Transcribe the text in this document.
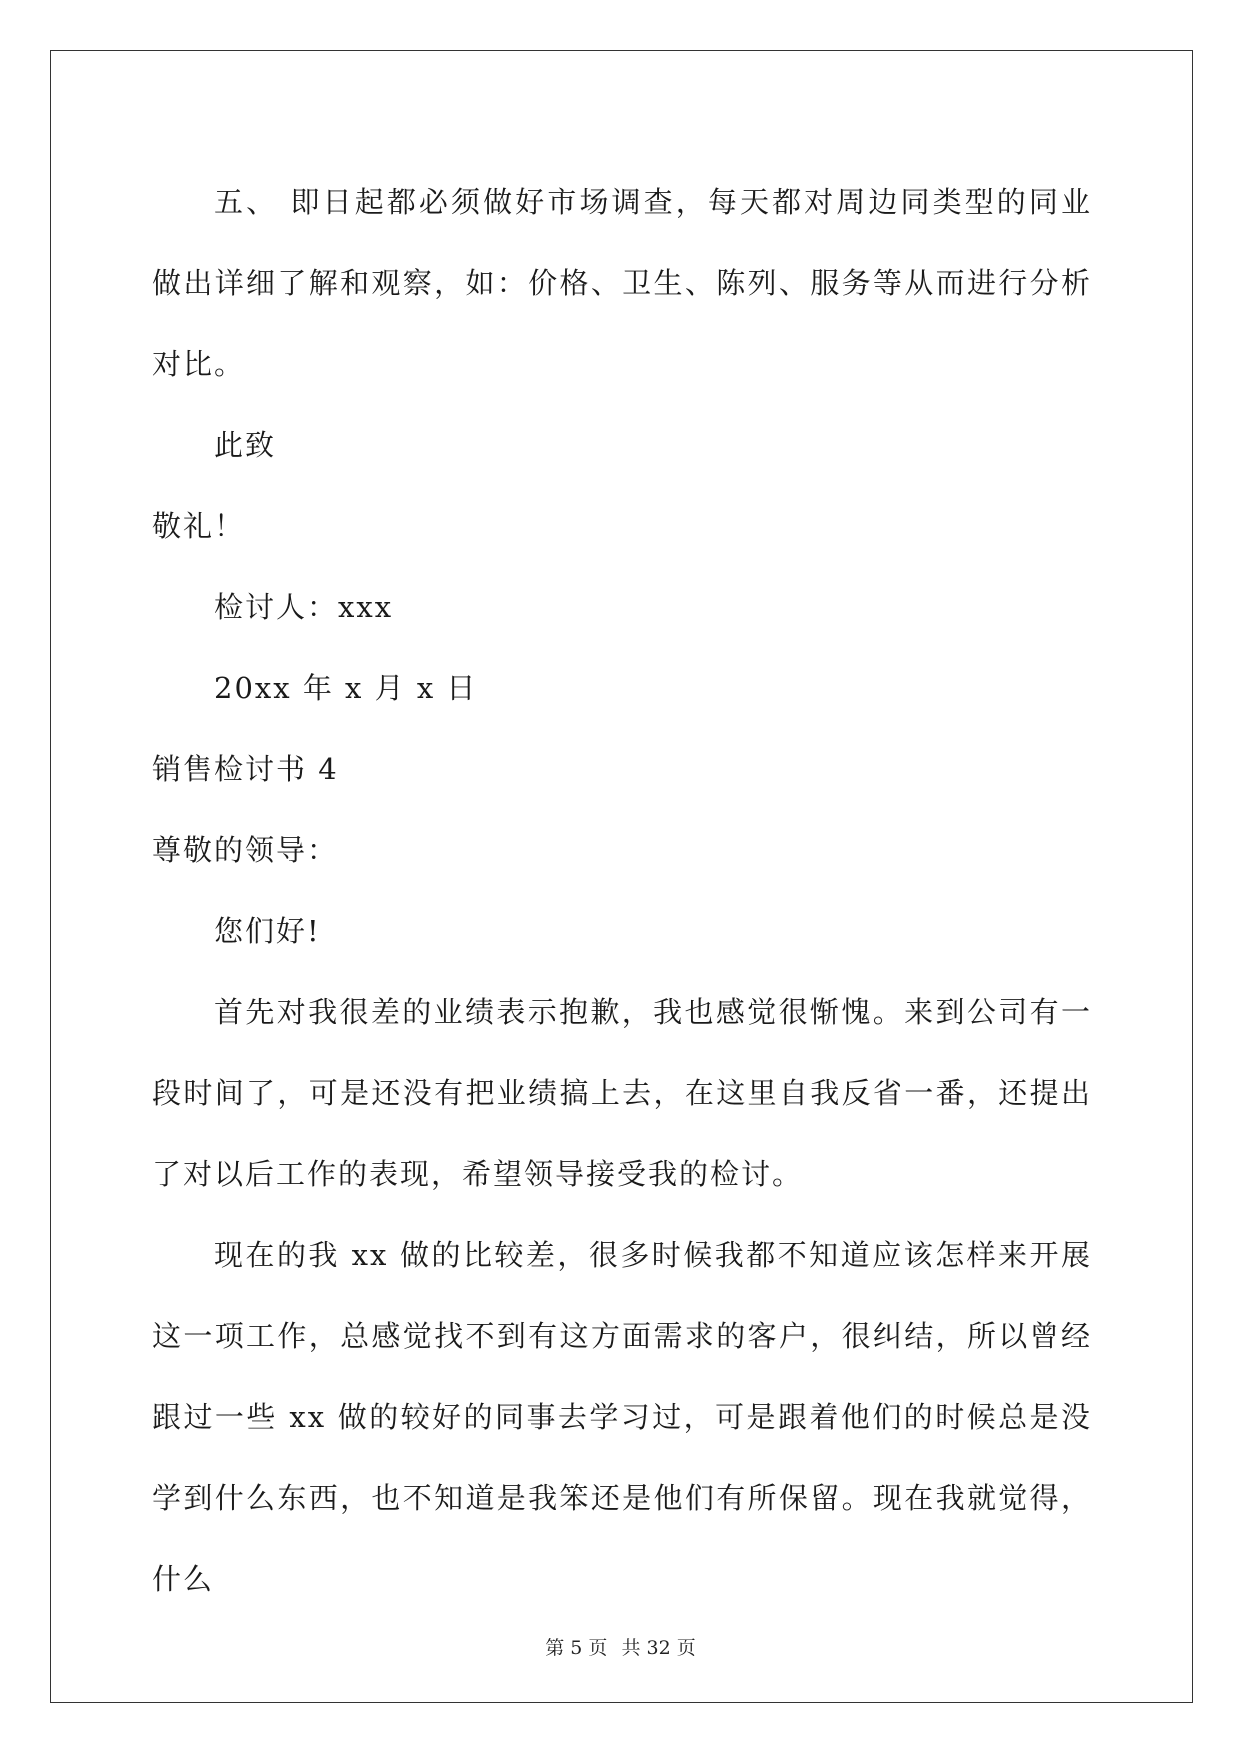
五、 即日起都必须做好市场调查，每天都对周边同类型的同业做出详细了解和观察，如：价格、卫生、陈列、服务等从而进行分析对比。

此致

敬礼！

检讨人：xxx

20xx 年 x 月 x 日

销售检讨书 4

尊敬的领导：

您们好!

首先对我很差的业绩表示抱歉，我也感觉很惭愧。来到公司有一段时间了，可是还没有把业绩搞上去，在这里自我反省一番，还提出了对以后工作的表现，希望领导接受我的检讨。

现在的我 xx 做的比较差，很多时候我都不知道应该怎样来开展这一项工作，总感觉找不到有这方面需求的客户，很纠结，所以曾经跟过一些 xx 做的较好的同事去学习过，可是跟着他们的时候总是没学到什么东西，也不知道是我笨还是他们有所保留。现在我就觉得，什么

第 5 页 共 32 页
